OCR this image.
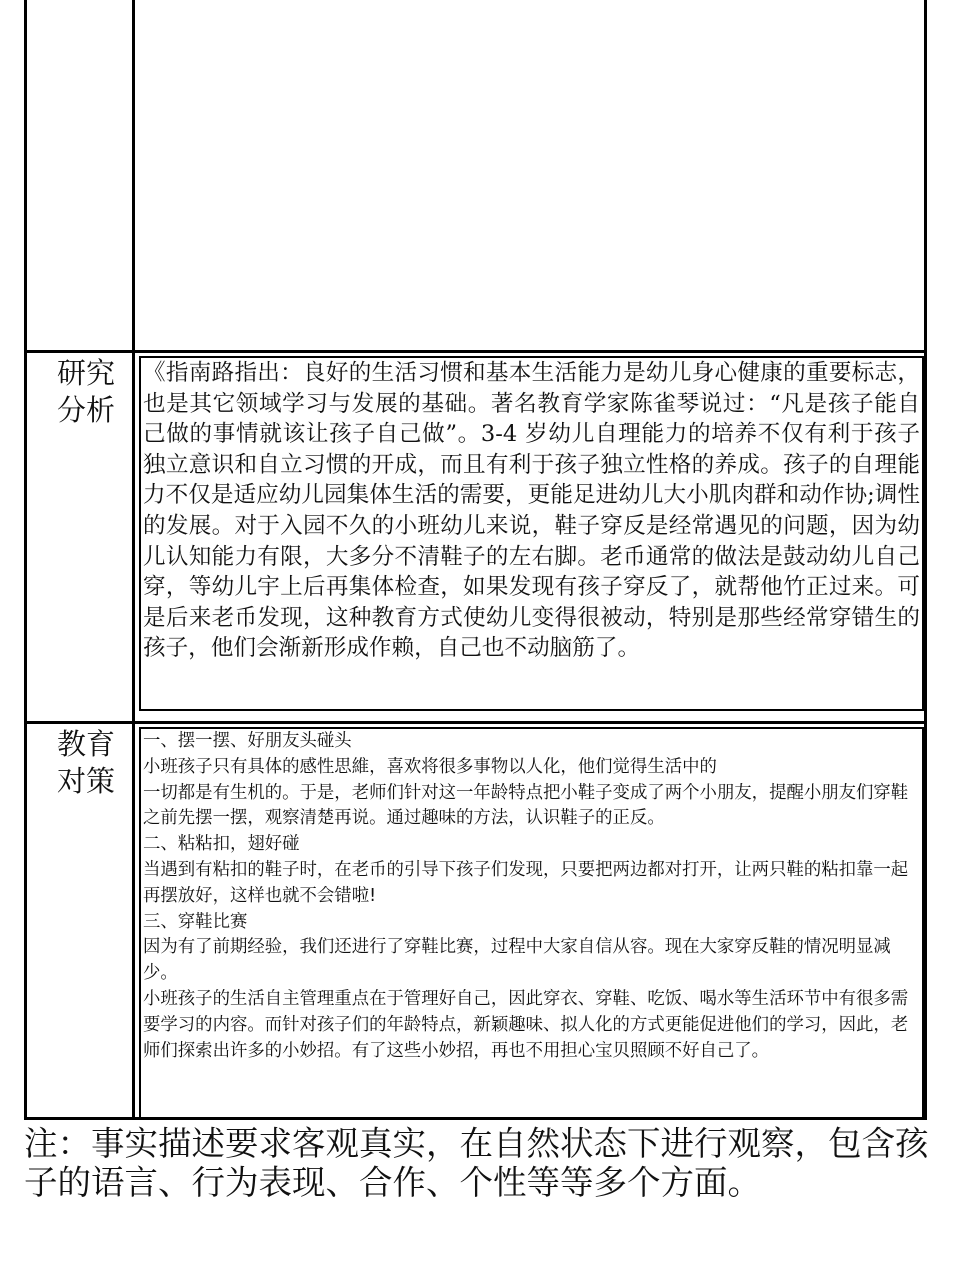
研究
分析
《指南路指出：良好的生活习惯和基本生活能力是幼儿身心健康的重要标志，也是其它领域学习与发展的基础。著名教育学家陈雀琴说过：“凡是孩子能自己做的事情就该让孩子自己做”。3-4 岁幼儿自理能力的培养不仅有利于孩子独立意识和自立习惯的开成，而且有利于孩子独立性格的养成。孩子的自理能力不仅是适应幼儿园集体生活的需要，更能足进幼儿大小肌肉群和动作协;调性的发展。对于入园不久的小班幼儿来说，鞋子穿反是经常遇见的问题，因为幼儿认知能力有限，大多分不清鞋子的左右脚。老币通常的做法是鼓动幼儿自己穿，等幼儿宇上后再集体检查，如果发现有孩子穿反了，就帮他竹正过来。可是后来老币发现，这种教育方式使幼儿变得很被动，特别是那些经常穿错生的孩子，他们会渐新形成作赖，自己也不动脑筋了。
教育
对策

一、摆一摆、好朋友头碰头

小班孩子只有具体的感性思維，喜欢将很多事物以人化，他们觉得生活中的

一切都是有生机的。于是，老师们针对这一年龄特点把小鞋子变成了两个小朋友，提醒小朋友们穿鞋之前先摆一摆，观察清楚再说。通过趣味的方法，认识鞋子的正反。

二、粘粘扣，翅好碰

当遇到有粘扣的鞋子时，在老币的引导下孩子们发现，只要把两边都对打开，让两只鞋的粘扣靠一起再摆放好，这样也就不会错啦!

三、穿鞋比赛

因为有了前期经验，我们还进行了穿鞋比赛，过程中大家自信从容。现在大家穿反鞋的情况明显减少。

小班孩子的生活自主管理重点在于管理好自己，因此穿衣、穿鞋、吃饭、喝水等生活环节中有很多需要学习的内容。而针对孩子们的年龄特点，新颖趣味、拟人化的方式更能促进他们的学习，因此，老师们探索出许多的小妙招。有了这些小妙招，再也不用担心宝贝照顾不好自己了。

注：事实描述要求客观真实，在自然状态下进行观察，包含孩子的语言、行为表现、合作、个性等等多个方面。
